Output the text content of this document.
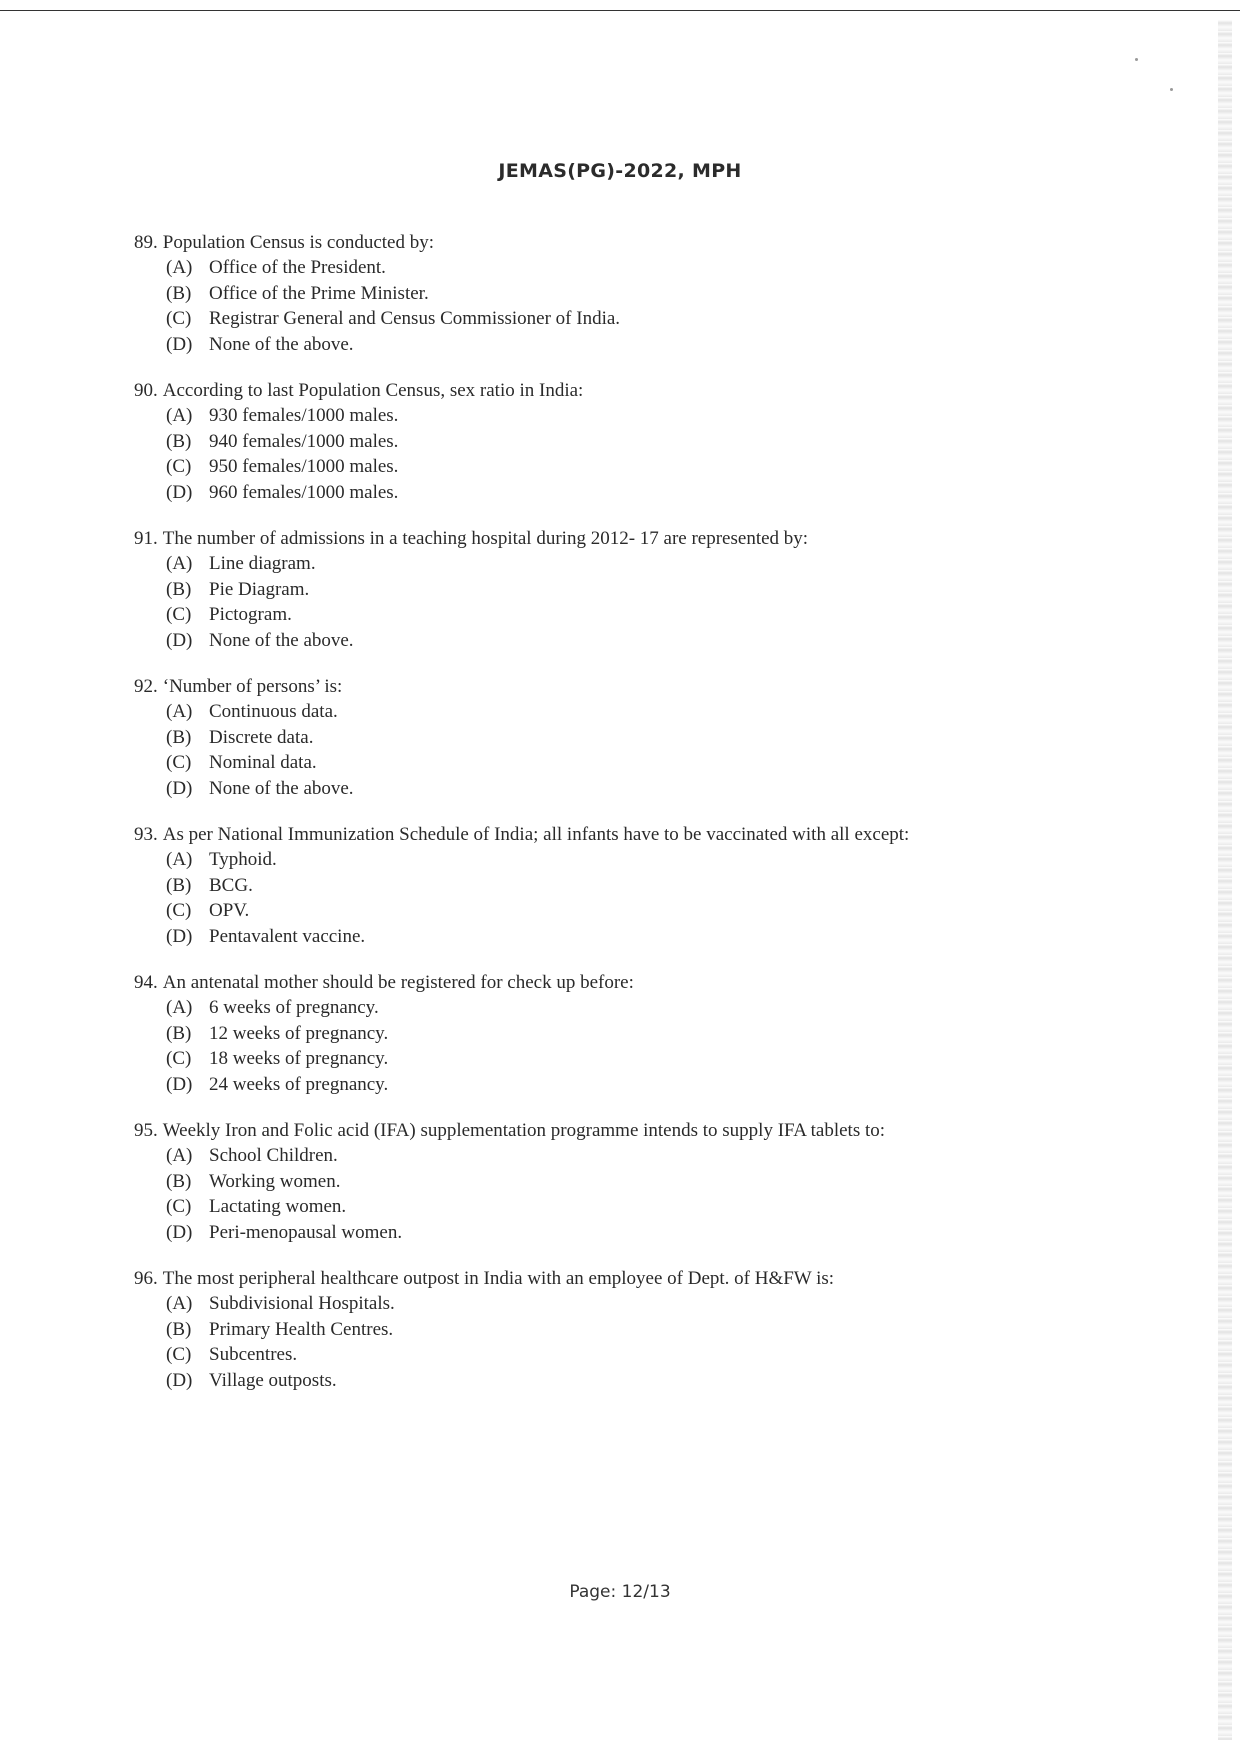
JEMAS(PG)-2022, MPH
89. Population Census is conducted by:
(A) Office of the President.
(B) Office of the Prime Minister.
(C) Registrar General and Census Commissioner of India.
(D) None of the above.
90. According to last Population Census, sex ratio in India:
(A) 930 females/1000 males.
(B) 940 females/1000 males.
(C) 950 females/1000 males.
(D) 960 females/1000 males.
91. The number of admissions in a teaching hospital during 2012- 17 are represented by:
(A) Line diagram.
(B) Pie Diagram.
(C) Pictogram.
(D) None of the above.
92. ‘Number of persons’ is:
(A) Continuous data.
(B) Discrete data.
(C) Nominal data.
(D) None of the above.
93. As per National Immunization Schedule of India; all infants have to be vaccinated with all except:
(A) Typhoid.
(B) BCG.
(C) OPV.
(D) Pentavalent vaccine.
94. An antenatal mother should be registered for check up before:
(A) 6 weeks of pregnancy.
(B) 12 weeks of pregnancy.
(C) 18 weeks of pregnancy.
(D) 24 weeks of pregnancy.
95. Weekly Iron and Folic acid (IFA) supplementation programme intends to supply IFA tablets to:
(A) School Children.
(B) Working women.
(C) Lactating women.
(D) Peri-menopausal women.
96. The most peripheral healthcare outpost in India with an employee of Dept. of H&FW is:
(A) Subdivisional Hospitals.
(B) Primary Health Centres.
(C) Subcentres.
(D) Village outposts.
Page: 12/13
